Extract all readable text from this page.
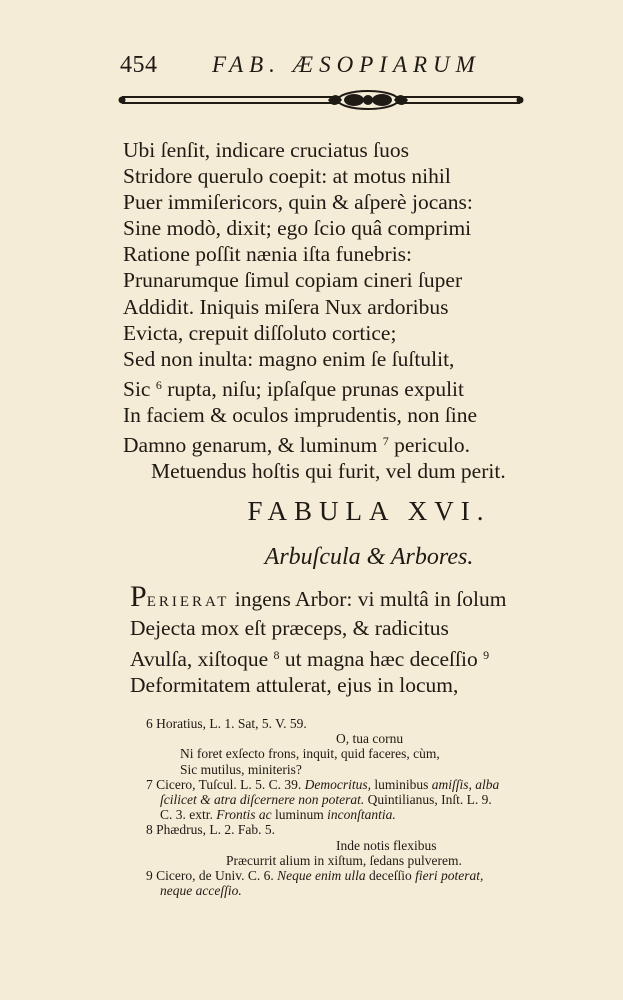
454 FAB. ÆSOPIARUM
Ubi ſenſit, indicare cruciatus ſuos
Stridore querulo coepit: at motus nihil
Puer immiſericors, quin & aſperè jocans:
Sine modò, dixit; ego ſcio quâ comprimi
Ratione poſſit nænia iſta funebris:
Prunarumque ſimul copiam cineri ſuper
Addidit. Iniquis miſera Nux ardoribus
Evicta, crepuit diſſoluto cortice;
Sed non inulta: magno enim ſe ſuſtulit,
Sic $^6$ rupta, niſu; ipſaſque prunas expulit
In faciem & oculos imprudentis, non ſine
Damno genarum, & luminum $^7$ periculo.
Metuendus hoſtis qui furit, vel dum perit.
FABULA XVI.
Arbuſcula & Arbores.
PERIERAT ingens Arbor: vi multâ in ſolum
Dejecta mox eſt præceps, & radicitus
Avulſa, xiſtoque $^8$ ut magna hæc deceſſio $^9$
Deformitatem attulerat, ejus in locum,
6 Horatius, L. 1. Sat, 5. V. 59.
O, tua cornu
Ni foret exſecto frons, inquit, quid faceres, cùm,
Sic mutilus, miniteris?
7 Cicero, Tuſcul. L. 5. C. 39. Democritus, luminibus amiſſis, alba
ſcilicet & atra diſcernere non poterat. Quintilianus, Inſt. L. 9.
C. 3. extr. Frontis ac luminum inconſtantia.
8 Phædrus, L. 2. Fab. 5.
Inde notis flexibus
Præcurrit alium in xiſtum, ſedans pulverem.
9 Cicero, de Univ. C. 6. Neque enim ulla deceſſio fieri poterat,
neque acceſſio.
